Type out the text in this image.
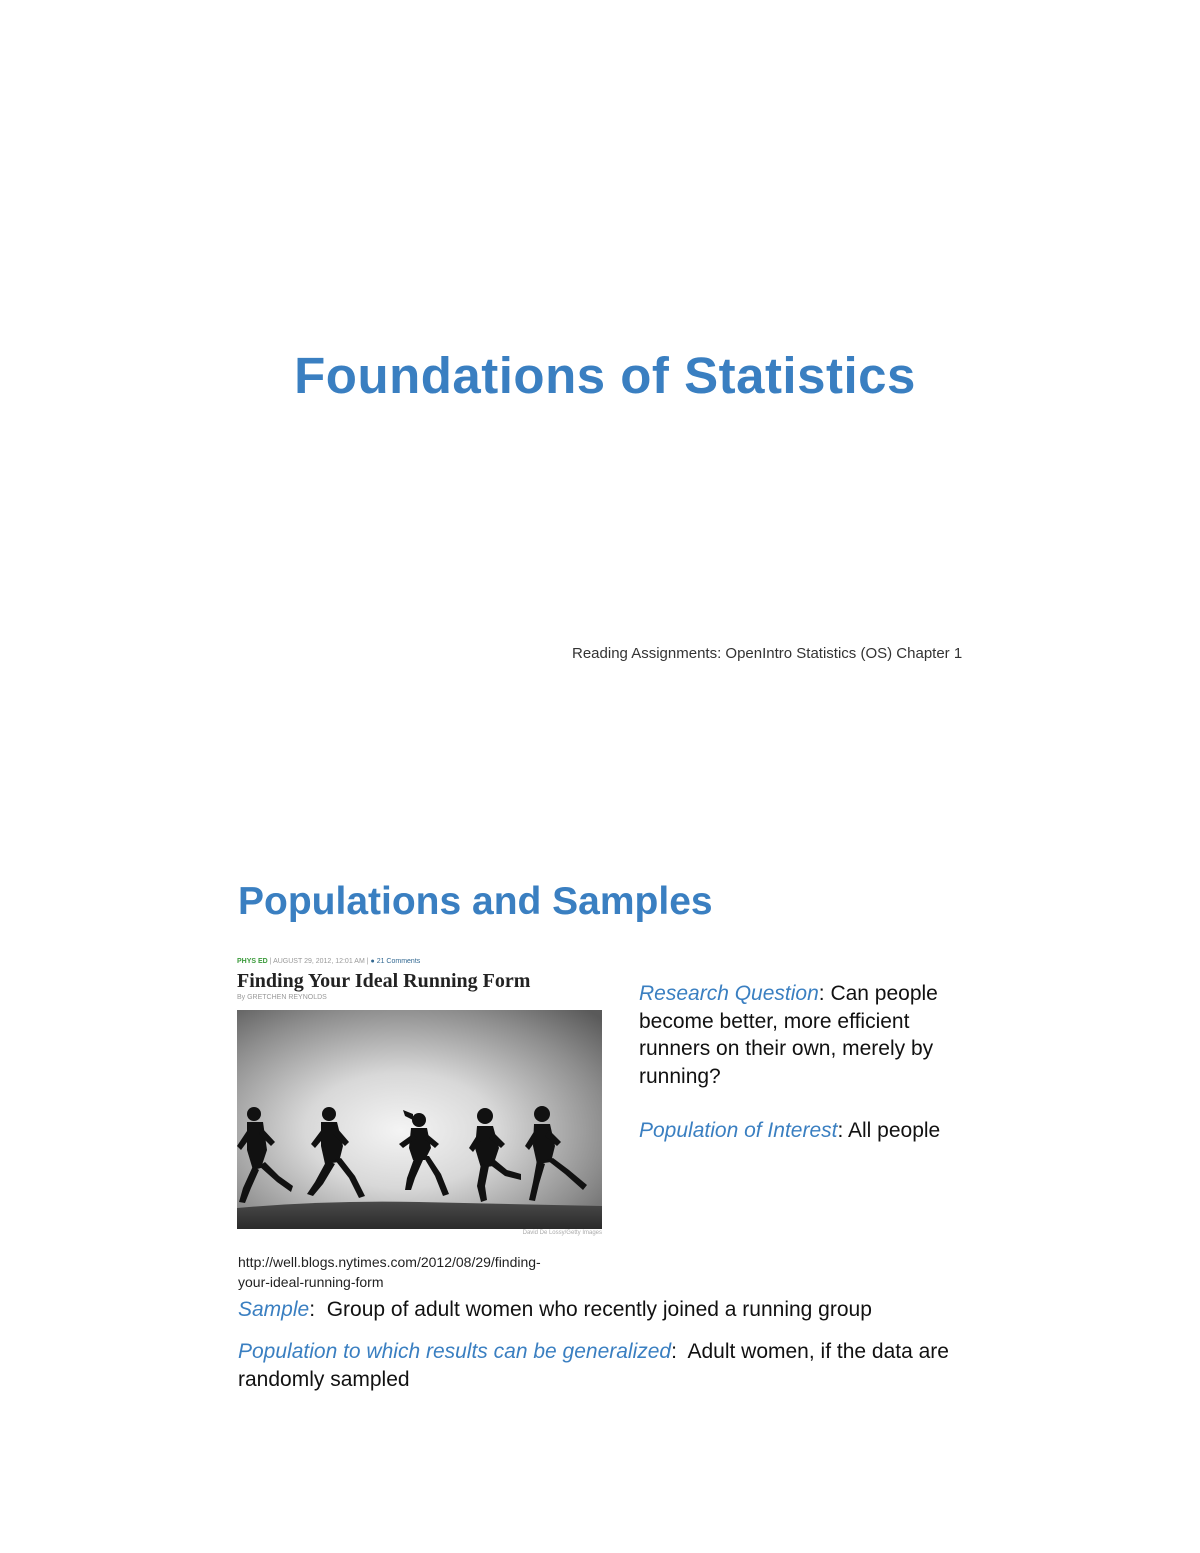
Foundations of Statistics
Reading Assignments: OpenIntro Statistics (OS) Chapter 1
Populations and Samples
PHYS ED | AUGUST 29, 2012, 12:01 AM | ● 21 Comments
Finding Your Ideal Running Form
By GRETCHEN REYNOLDS
David De Lossy/Getty Images
http://well.blogs.nytimes.com/2012/08/29/finding-
your-ideal-running-form

Research Question: Can people become better, more efficient runners on their own, merely by running?

Population of Interest: All people

Sample:  Group of adult women who recently joined a running group
Population to which results can be generalized:  Adult women, if the data are randomly sampled
